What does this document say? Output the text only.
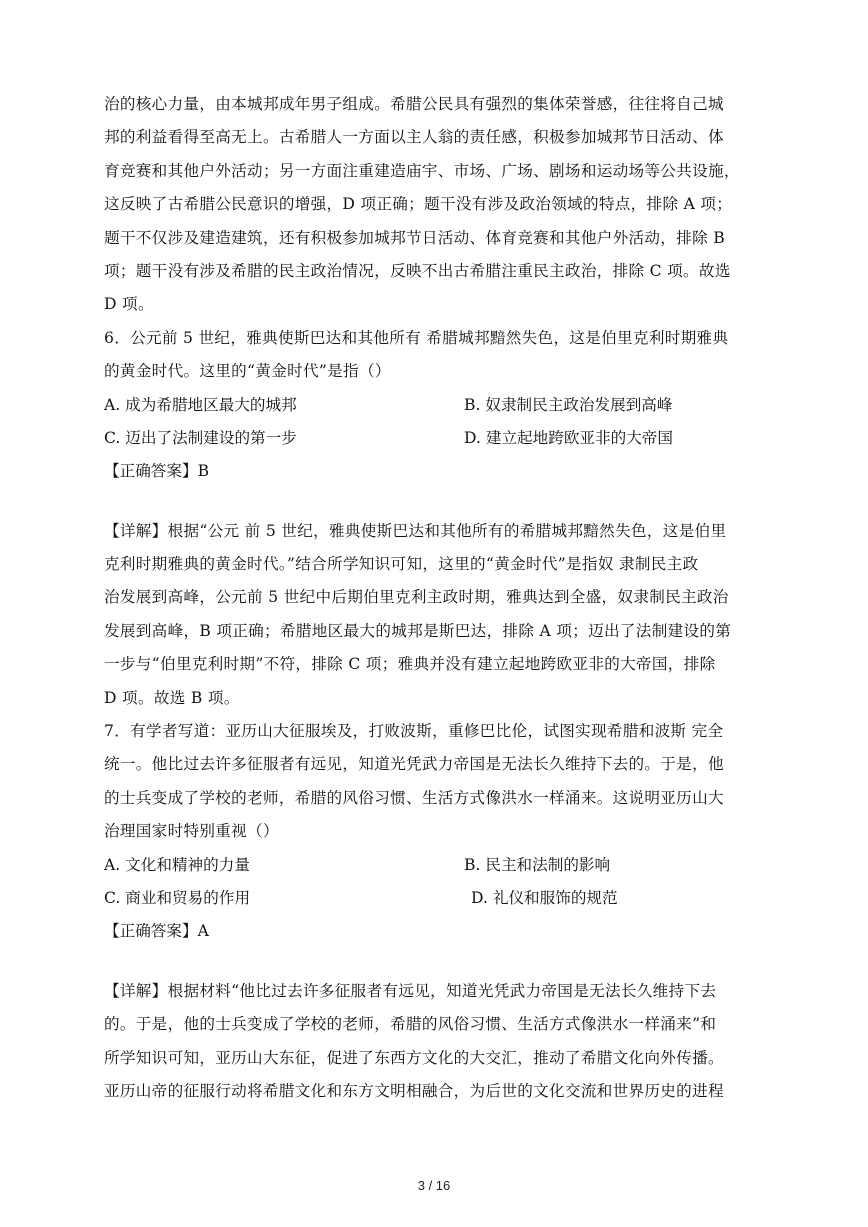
治的核心力量，由本城邦成年男子组成。希腊公民具有强烈的集体荣誉感，往往将自己城
邦的利益看得至高无上。古希腊人一方面以主人翁的责任感，积极参加城邦节日活动、体
育竞赛和其他户外活动；另一方面注重建造庙宇、市场、广场、剧场和运动场等公共设施，
这反映了古希腊公民意识的增强，D 项正确；题干没有涉及政治领域的特点，排除 A 项；
题干不仅涉及建造建筑，还有积极参加城邦节日活动、体育竞赛和其他户外活动，排除 B
项；题干没有涉及希腊的民主政治情况，反映不出古希腊注重民主政治，排除 C 项。故选
D 项。
6．公元前 5 世纪，雅典使斯巴达和其他所有 希腊城邦黯然失色，这是伯里克利时期雅典
的黄金时代。这里的“黄金时代”是指（）
A. 成为希腊地区最大的城邦	B. 奴隶制民主政治发展到高峰
C. 迈出了法制建设的第一步	D. 建立起地跨欧亚非的大帝国
【正确答案】B
【详解】根据“公元 前 5 世纪，雅典使斯巴达和其他所有的希腊城邦黯然失色，这是伯里
克利时期雅典的黄金时代。”结合所学知识可知，这里的“黄金时代”是指奴 隶制民主政
治发展到高峰，公元前 5 世纪中后期伯里克利主政时期，雅典达到全盛，奴隶制民主政治
发展到高峰，B 项正确；希腊地区最大的城邦是斯巴达，排除 A 项；迈出了法制建设的第
一步与“伯里克利时期”不符，排除 C 项；雅典并没有建立起地跨欧亚非的大帝国，排除
D 项。故选 B 项。
7．有学者写道：亚历山大征服埃及，打败波斯，重修巴比伦，试图实现希腊和波斯 完全
统一。他比过去许多征服者有远见，知道光凭武力帝国是无法长久维持下去的。于是，他
的士兵变成了学校的老师，希腊的风俗习惯、生活方式像洪水一样涌来。这说明亚历山大
治理国家时特别重视（）
A. 文化和精神的力量	B. 民主和法制的影响
C. 商业和贸易的作用	D. 礼仪和服饰的规范
【正确答案】A
【详解】根据材料“他比过去许多征服者有远见，知道光凭武力帝国是无法长久维持下去
的。于是，他的士兵变成了学校的老师，希腊的风俗习惯、生活方式像洪水一样涌来”和
所学知识可知，亚历山大东征，促进了东西方文化的大交汇，推动了希腊文化向外传播。
亚历山帝的征服行动将希腊文化和东方文明相融合，为后世的文化交流和世界历史的进程
3 / 16
